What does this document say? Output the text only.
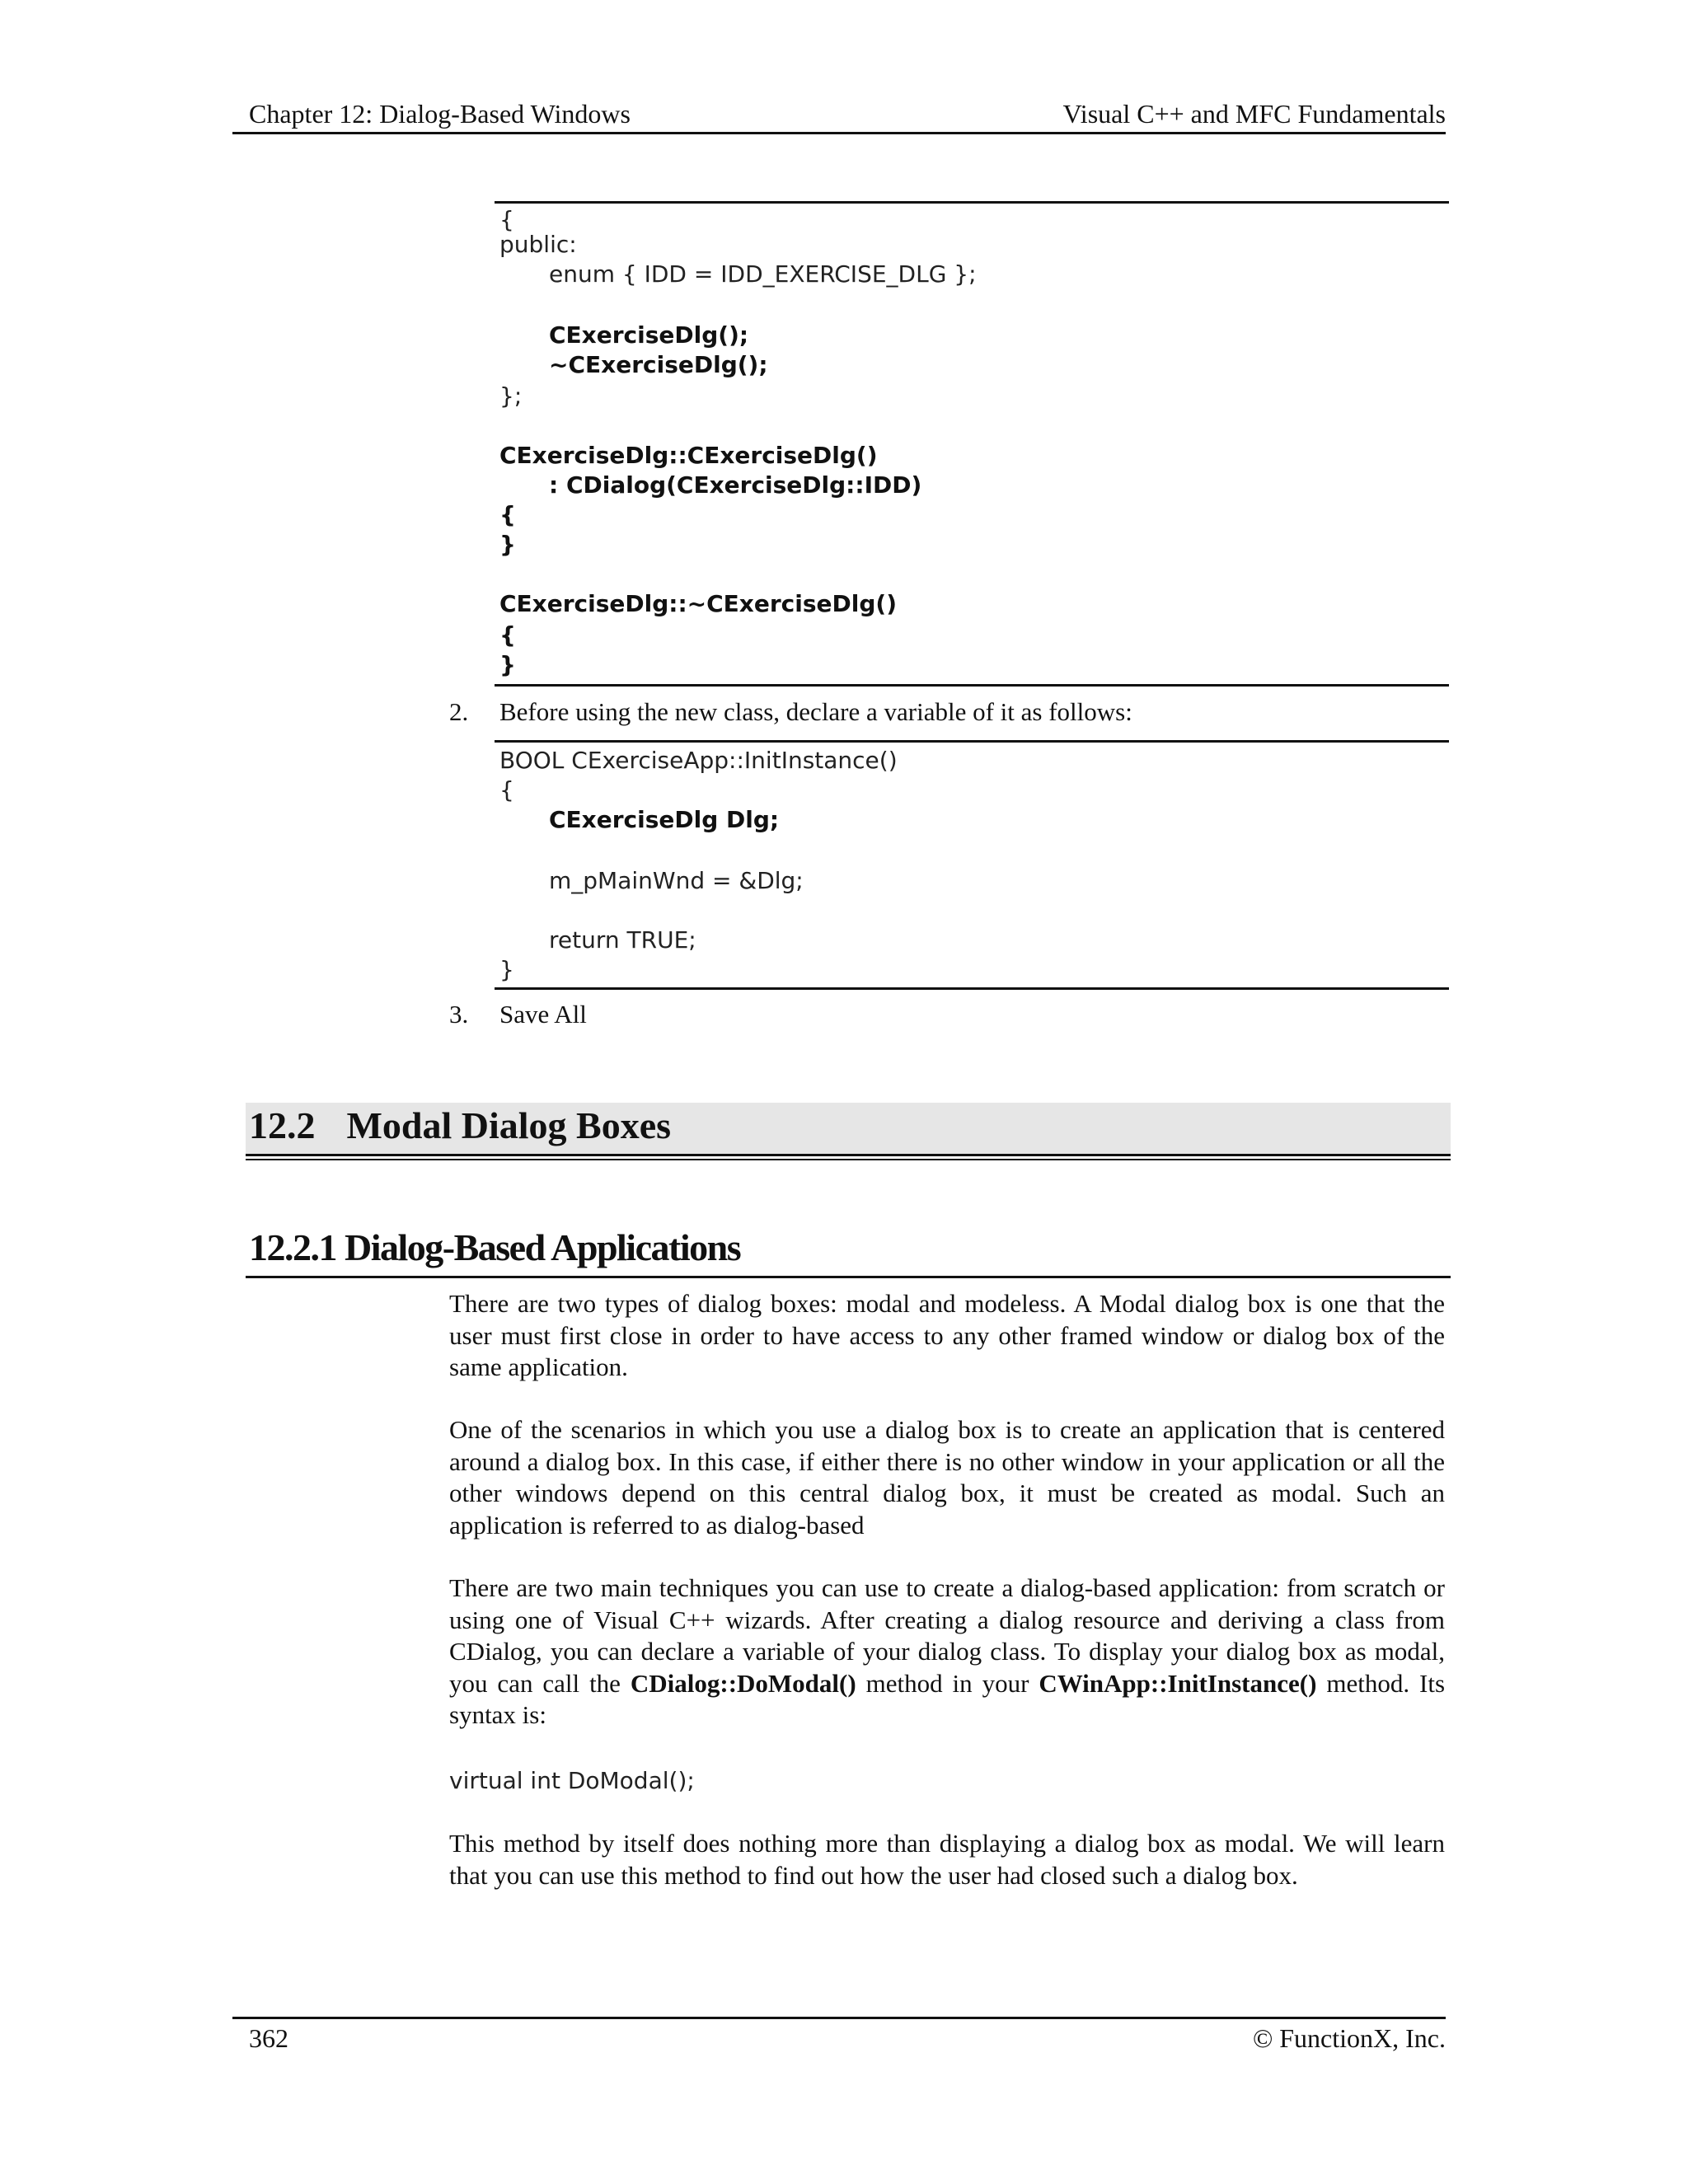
Chapter 12: Dialog-Based Windows	Visual C++ and MFC Fundamentals
{
public:
enum { IDD = IDD_EXERCISE_DLG };
CExerciseDlg();
~CExerciseDlg();
};
CExerciseDlg::CExerciseDlg()
: CDialog(CExerciseDlg::IDD)
{
}
CExerciseDlg::~CExerciseDlg()
{
}
2. Before using the new class, declare a variable of it as follows:
BOOL CExerciseApp::InitInstance()
{
CExerciseDlg Dlg;
m_pMainWnd = &Dlg;
return TRUE;
}
3. Save All
12.2 Modal Dialog Boxes
12.2.1 Dialog-Based Applications
There are two types of dialog boxes: modal and modeless. A Modal dialog box is one that the user must first close in order to have access to any other framed window or dialog box of the same application.
One of the scenarios in which you use a dialog box is to create an application that is centered around a dialog box. In this case, if either there is no other window in your application or all the other windows depend on this central dialog box, it must be created as modal. Such an application is referred to as dialog-based
There are two main techniques you can use to create a dialog-based application: from scratch or using one of Visual C++ wizards. After creating a dialog resource and deriving a class from CDialog, you can declare a variable of your dialog class. To display your dialog box as modal, you can call the CDialog::DoModal() method in your CWinApp::InitInstance() method. Its syntax is:
virtual int DoModal();
This method by itself does nothing more than displaying a dialog box as modal. We will learn that you can use this method to find out how the user had closed such a dialog box.
362	© FunctionX, Inc.
